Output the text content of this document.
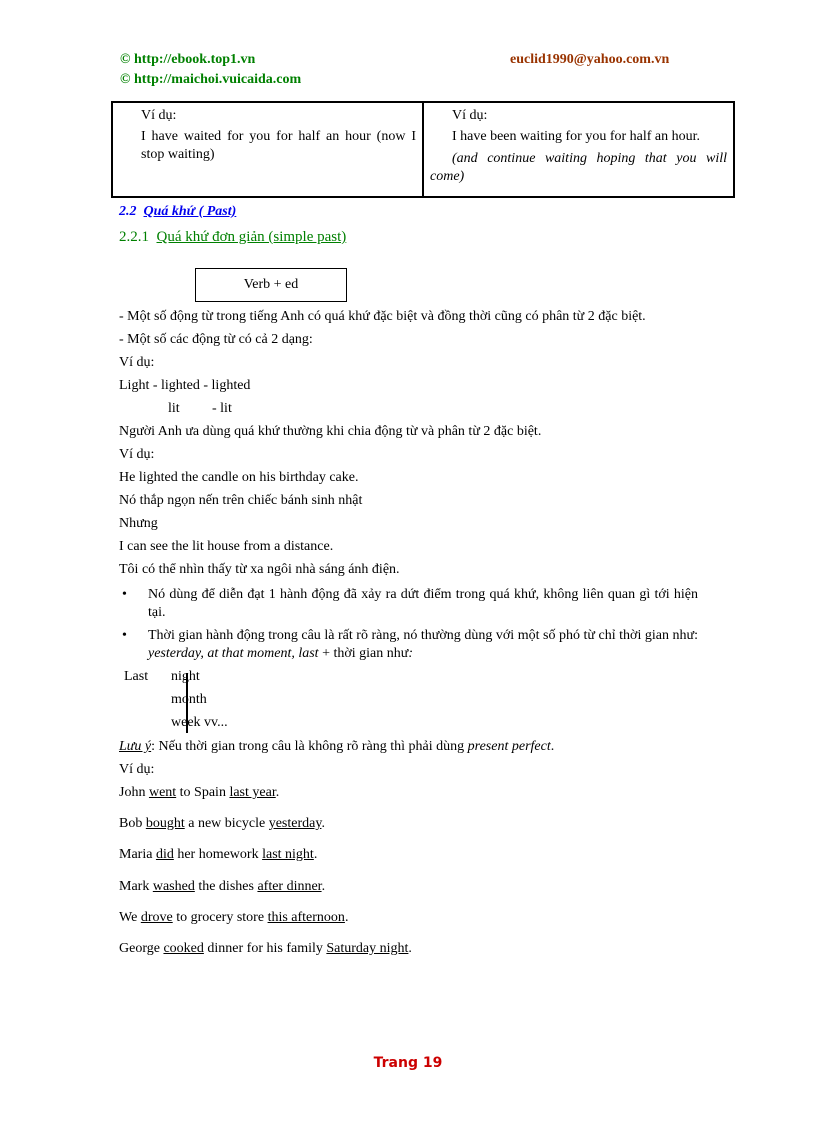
© http://ebook.top1.vn
© http://maichoi.vuicaida.com
euclid1990@yahoo.com.vn
Ví dụ:
I have waited for you for half an hour (now I stop waiting)

Ví dụ:
I have been waiting for you for half an hour.
(and continue waiting hoping that you will come)
2.2 Quá khứ ( Past)
2.2.1 Quá khứ đơn giản (simple past)
Verb + ed
- Một số động từ trong tiếng Anh có quá khứ đặc biệt và đồng thời cũng có phân từ 2 đặc biệt.
- Một số các động từ có cả 2 dạng:
Ví dụ:
Light - lighted - lighted
lit - lit
Người Anh ưa dùng quá khứ thường khi chia động từ và phân từ 2 đặc biệt.
Ví dụ:
He lighted the candle on his birthday cake.
Nó thắp ngọn nến trên chiếc bánh sinh nhật
Nhưng
I can see the lit house from a distance.
Tôi có thể nhìn thấy từ xa ngôi nhà sáng ánh điện.
• Nó dùng để diễn đạt 1 hành động đã xảy ra dứt điểm trong quá khứ, không liên quan gì tới hiện tại.
• Thời gian hành động trong câu là rất rõ ràng, nó thường dùng với một số phó từ chỉ thời gian như: yesterday, at that moment, last + thời gian như:
Last night
month
week vv...
Lưu ý: Nếu thời gian trong câu là không rõ ràng thì phải dùng present perfect.
Ví dụ:
John went to Spain last year.
Bob bought a new bicycle yesterday.
Maria did her homework last night.
Mark washed the dishes after dinner.
We drove to grocery store this afternoon.
George cooked dinner for his family Saturday night.
Trang 19
